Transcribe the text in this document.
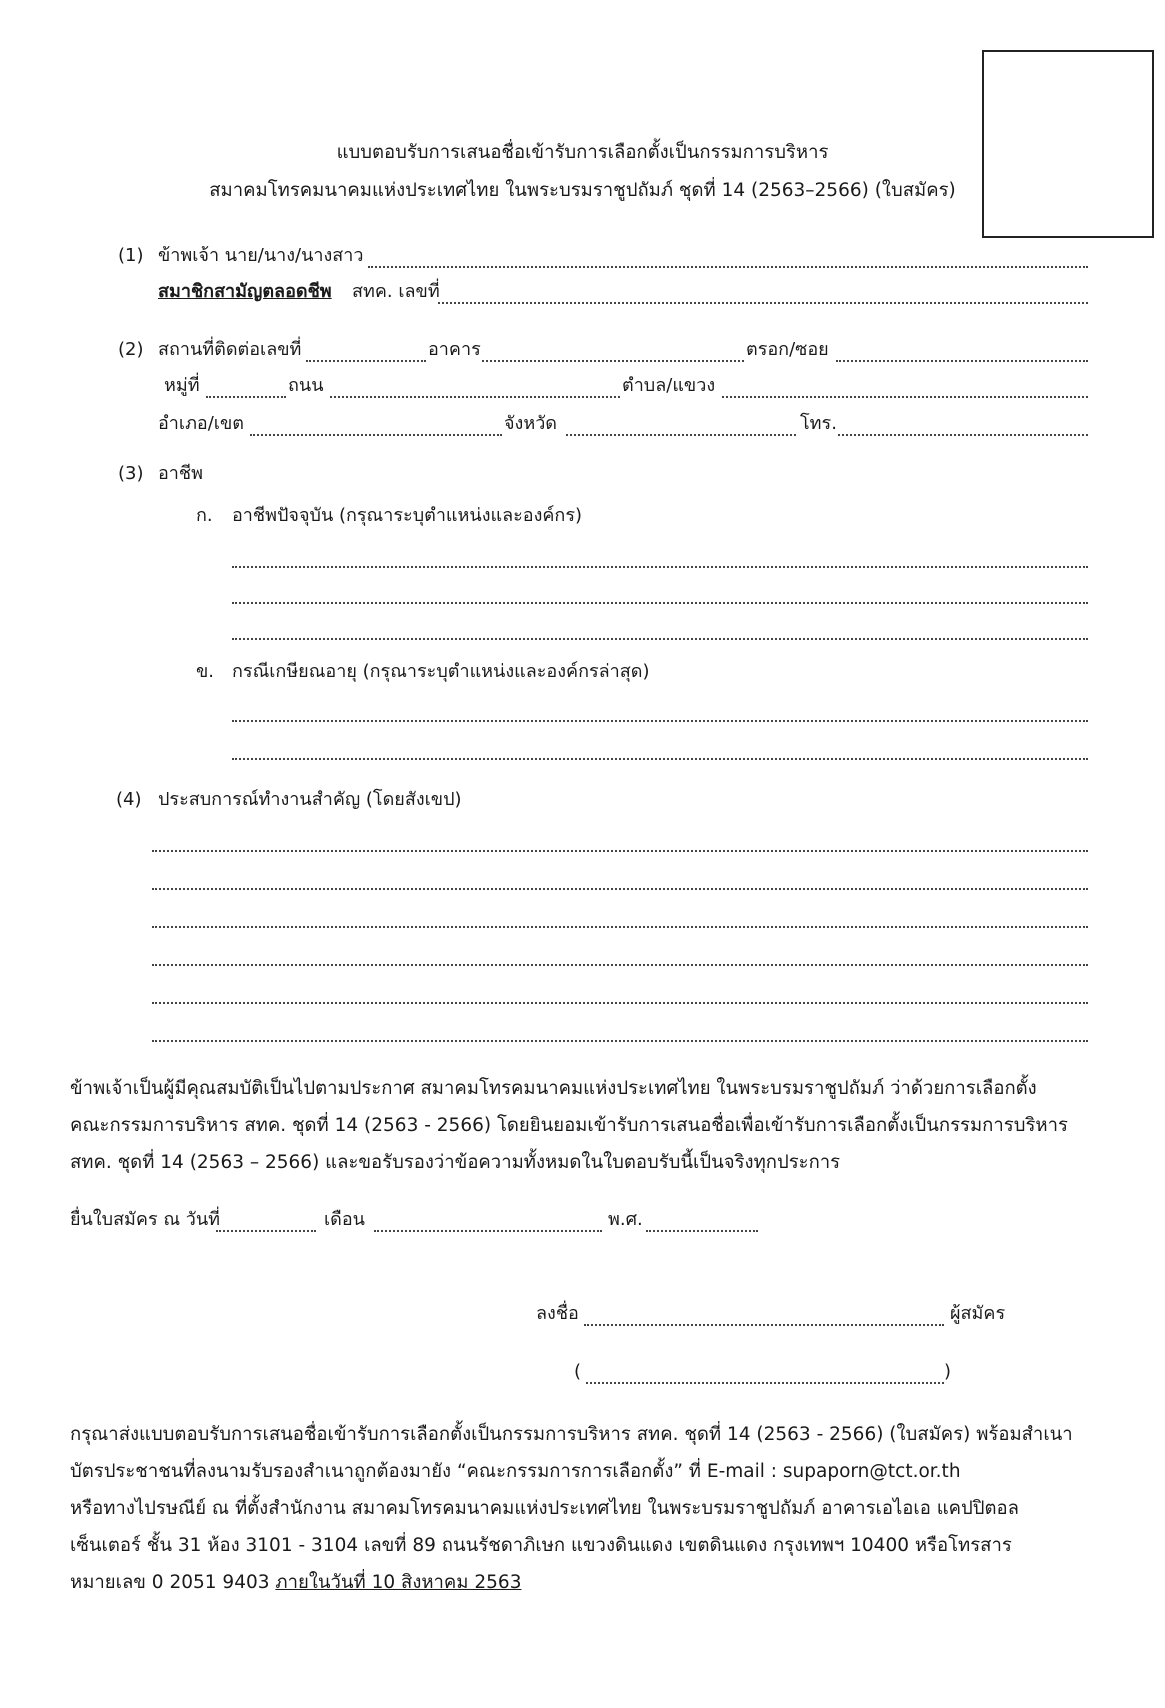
แบบตอบรับการเสนอชื่อเข้ารับการเลือกตั้งเป็นกรรมการบริหาร
สมาคมโทรคมนาคมแห่งประเทศไทย ในพระบรมราชูปถัมภ์ ชุดที่ 14 (2563–2566) (ใบสมัคร)
(1) ข้าพเจ้า นาย/นาง/นางสาว
สมาชิกสามัญตลอดชีพ สทค. เลขที่
(2) สถานที่ติดต่อเลขที่	อาคาร	ตรอก/ซอย
หมู่ที่	ถนน	ตำบล/แขวง
อำเภอ/เขต	จังหวัด	โทร.
(3) อาชีพ
ก. อาชีพปัจจุบัน (กรุณาระบุตำแหน่งและองค์กร)
ข. กรณีเกษียณอายุ (กรุณาระบุตำแหน่งและองค์กรล่าสุด)
(4) ประสบการณ์ทำงานสำคัญ (โดยสังเขป)
ข้าพเจ้าเป็นผู้มีคุณสมบัติเป็นไปตามประกาศ สมาคมโทรคมนาคมแห่งประเทศไทย ในพระบรมราชูปถัมภ์ ว่าด้วยการเลือกตั้ง
คณะกรรมการบริหาร สทค. ชุดที่ 14 (2563 - 2566) โดยยินยอมเข้ารับการเสนอชื่อเพื่อเข้ารับการเลือกตั้งเป็นกรรมการบริหาร
สทค. ชุดที่ 14 (2563 – 2566) และขอรับรองว่าข้อความทั้งหมดในใบตอบรับนี้เป็นจริงทุกประการ
ยื่นใบสมัคร ณ วันที่	เดือน	พ.ศ.
ลงชื่อ	ผู้สมัคร
(	)
กรุณาส่งแบบตอบรับการเสนอชื่อเข้ารับการเลือกตั้งเป็นกรรมการบริหาร สทค. ชุดที่ 14 (2563 - 2566) (ใบสมัคร) พร้อมสำเนา
บัตรประชาชนที่ลงนามรับรองสำเนาถูกต้องมายัง “คณะกรรมการการเลือกตั้ง” ที่ E-mail : supaporn@tct.or.th
หรือทางไปรษณีย์ ณ ที่ตั้งสำนักงาน สมาคมโทรคมนาคมแห่งประเทศไทย ในพระบรมราชูปถัมภ์ อาคารเอไอเอ แคปปิตอล
เซ็นเตอร์ ชั้น 31 ห้อง 3101 - 3104 เลขที่ 89 ถนนรัชดาภิเษก แขวงดินแดง เขตดินแดง กรุงเทพฯ 10400 หรือโทรสาร
หมายเลข 0 2051 9403 ภายในวันที่ 10 สิงหาคม 2563
